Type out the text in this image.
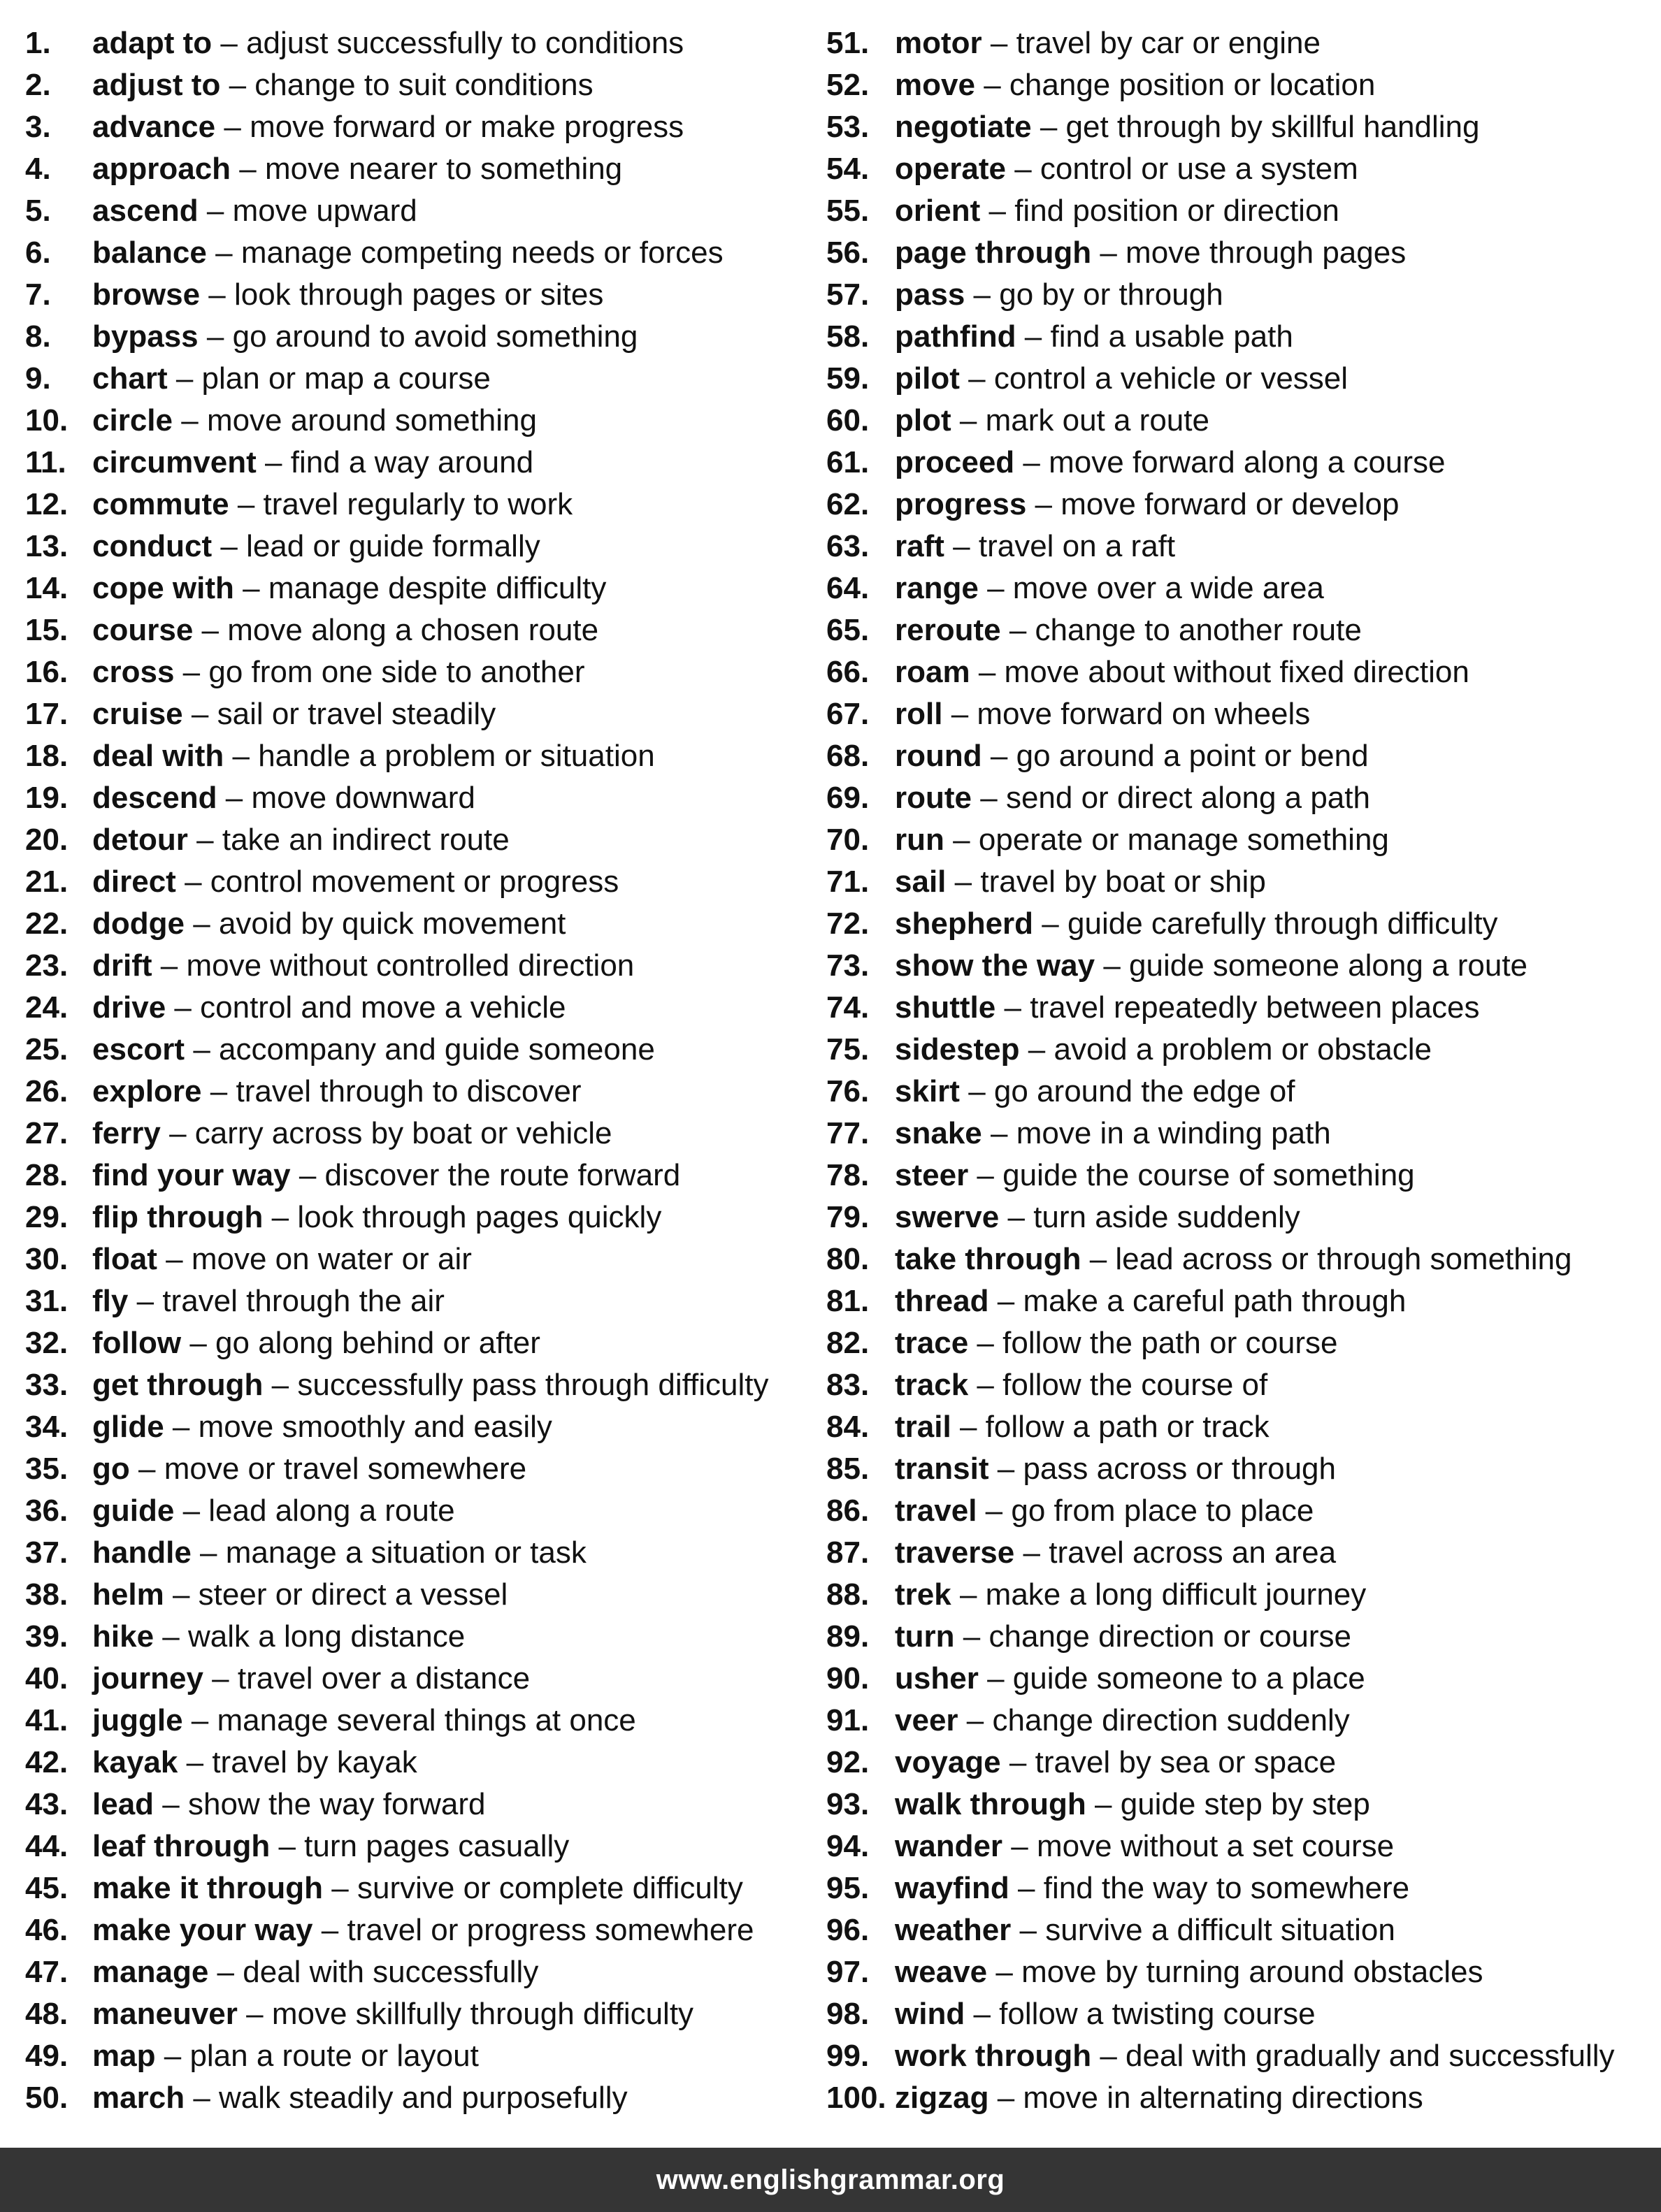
1. adapt to – adjust successfully to conditions
2. adjust to – change to suit conditions
3. advance – move forward or make progress
4. approach – move nearer to something
5. ascend – move upward
6. balance – manage competing needs or forces
7. browse – look through pages or sites
8. bypass – go around to avoid something
9. chart – plan or map a course
10. circle – move around something
11. circumvent – find a way around
12. commute – travel regularly to work
13. conduct – lead or guide formally
14. cope with – manage despite difficulty
15. course – move along a chosen route
16. cross – go from one side to another
17. cruise – sail or travel steadily
18. deal with – handle a problem or situation
19. descend – move downward
20. detour – take an indirect route
21. direct – control movement or progress
22. dodge – avoid by quick movement
23. drift – move without controlled direction
24. drive – control and move a vehicle
25. escort – accompany and guide someone
26. explore – travel through to discover
27. ferry – carry across by boat or vehicle
28. find your way – discover the route forward
29. flip through – look through pages quickly
30. float – move on water or air
31. fly – travel through the air
32. follow – go along behind or after
33. get through – successfully pass through difficulty
34. glide – move smoothly and easily
35. go – move or travel somewhere
36. guide – lead along a route
37. handle – manage a situation or task
38. helm – steer or direct a vessel
39. hike – walk a long distance
40. journey – travel over a distance
41. juggle – manage several things at once
42. kayak – travel by kayak
43. lead – show the way forward
44. leaf through – turn pages casually
45. make it through – survive or complete difficulty
46. make your way – travel or progress somewhere
47. manage – deal with successfully
48. maneuver – move skillfully through difficulty
49. map – plan a route or layout
50. march – walk steadily and purposefully
51. motor – travel by car or engine
52. move – change position or location
53. negotiate – get through by skillful handling
54. operate – control or use a system
55. orient – find position or direction
56. page through – move through pages
57. pass – go by or through
58. pathfind – find a usable path
59. pilot – control a vehicle or vessel
60. plot – mark out a route
61. proceed – move forward along a course
62. progress – move forward or develop
63. raft – travel on a raft
64. range – move over a wide area
65. reroute – change to another route
66. roam – move about without fixed direction
67. roll – move forward on wheels
68. round – go around a point or bend
69. route – send or direct along a path
70. run – operate or manage something
71. sail – travel by boat or ship
72. shepherd – guide carefully through difficulty
73. show the way – guide someone along a route
74. shuttle – travel repeatedly between places
75. sidestep – avoid a problem or obstacle
76. skirt – go around the edge of
77. snake – move in a winding path
78. steer – guide the course of something
79. swerve – turn aside suddenly
80. take through – lead across or through something
81. thread – make a careful path through
82. trace – follow the path or course
83. track – follow the course of
84. trail – follow a path or track
85. transit – pass across or through
86. travel – go from place to place
87. traverse – travel across an area
88. trek – make a long difficult journey
89. turn – change direction or course
90. usher – guide someone to a place
91. veer – change direction suddenly
92. voyage – travel by sea or space
93. walk through – guide step by step
94. wander – move without a set course
95. wayfind – find the way to somewhere
96. weather – survive a difficult situation
97. weave – move by turning around obstacles
98. wind – follow a twisting course
99. work through – deal with gradually and successfully
100. zigzag – move in alternating directions
www.englishgrammar.org
